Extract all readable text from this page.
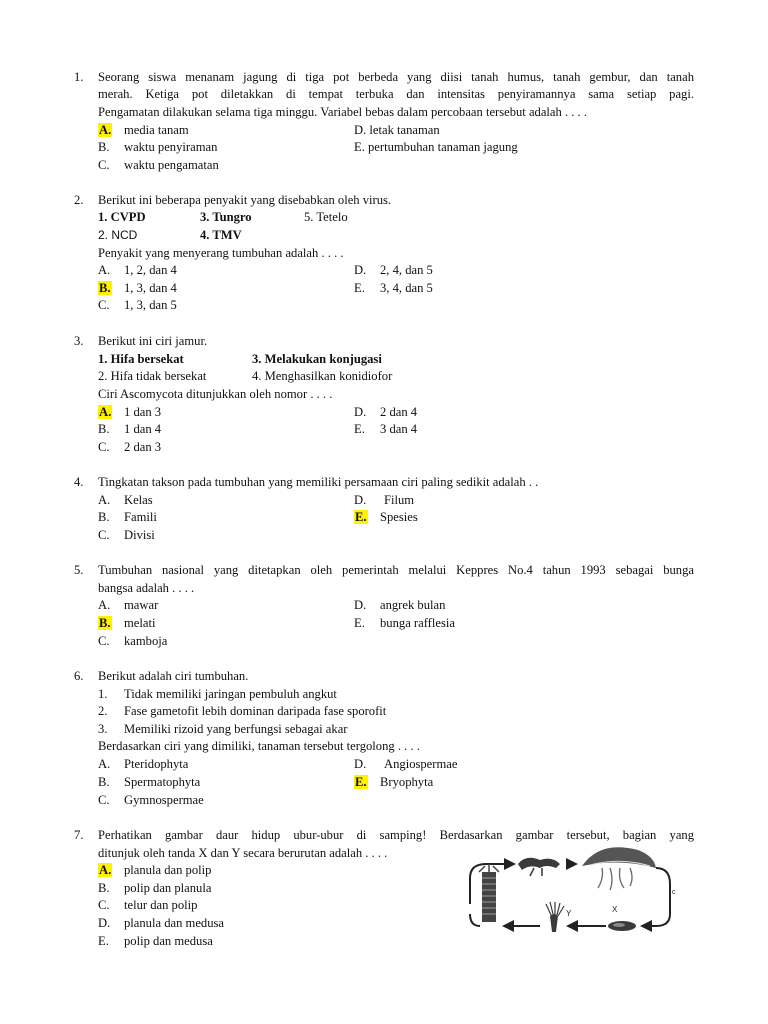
1. Seorang siswa menanam jagung di tiga pot berbeda yang diisi tanah humus, tanah gembur, dan tanah
merah. Ketiga pot diletakkan di tempat terbuka dan intensitas penyiramannya sama setiap pagi.
Pengamatan dilakukan selama tiga minggu. Variabel bebas dalam percobaan tersebut adalah . . . .
A. media tanam
B. waktu penyiraman
C. waktu pengamatan
D. letak tanaman
E. pertumbuhan tanaman jagung
2. Berikut ini beberapa penyakit yang disebabkan oleh virus.
1. CVPD	3. Tungro	5. Tetelo
2. NCD	4. TMV
Penyakit yang menyerang tumbuhan adalah . . . .
A. 1, 2, dan 4
B. 1, 3, dan 4
C. 1, 3, dan 5
D. 2, 4, dan 5
E. 3, 4, dan 5
3. Berikut ini ciri jamur.
1. Hifa bersekat	3. Melakukan konjugasi
2. Hifa tidak bersekat	4. Menghasilkan konidiofor
Ciri Ascomycota ditunjukkan oleh nomor . . . .
A. 1 dan 3
B. 1 dan 4
C. 2 dan 3
D. 2 dan 4
E. 3 dan 4
4. Tingkatan takson pada tumbuhan yang memiliki persamaan ciri paling sedikit adalah . .
A. Kelas
B. Famili
C. Divisi
D. Filum
E. Spesies
5. Tumbuhan nasional yang ditetapkan oleh pemerintah melalui Keppres No.4 tahun 1993 sebagai bunga
bangsa adalah . . . .
A. mawar
B. melati
C. kamboja
D. angrek bulan
E. bunga rafflesia
6. Berikut adalah ciri tumbuhan.
1. Tidak memiliki jaringan pembuluh angkut
2. Fase gametofit lebih dominan daripada fase sporofit
3. Memiliki rizoid yang berfungsi sebagai akar
Berdasarkan ciri yang dimiliki, tanaman tersebut tergolong . . . .
A. Pteridophyta
B. Spermatophyta
C. Gymnospermae
D. Angiospermae
E. Bryophyta
7. Perhatikan gambar daur hidup ubur-ubur di samping! Berdasarkan gambar tersebut, bagian yang
ditunjuk oleh tanda X dan Y secara berurutan adalah . . . .
A. planula dan polip
B. polip dan planula
C. telur dan polip
D. planula dan medusa
E. polip dan medusa
Y	X
c
